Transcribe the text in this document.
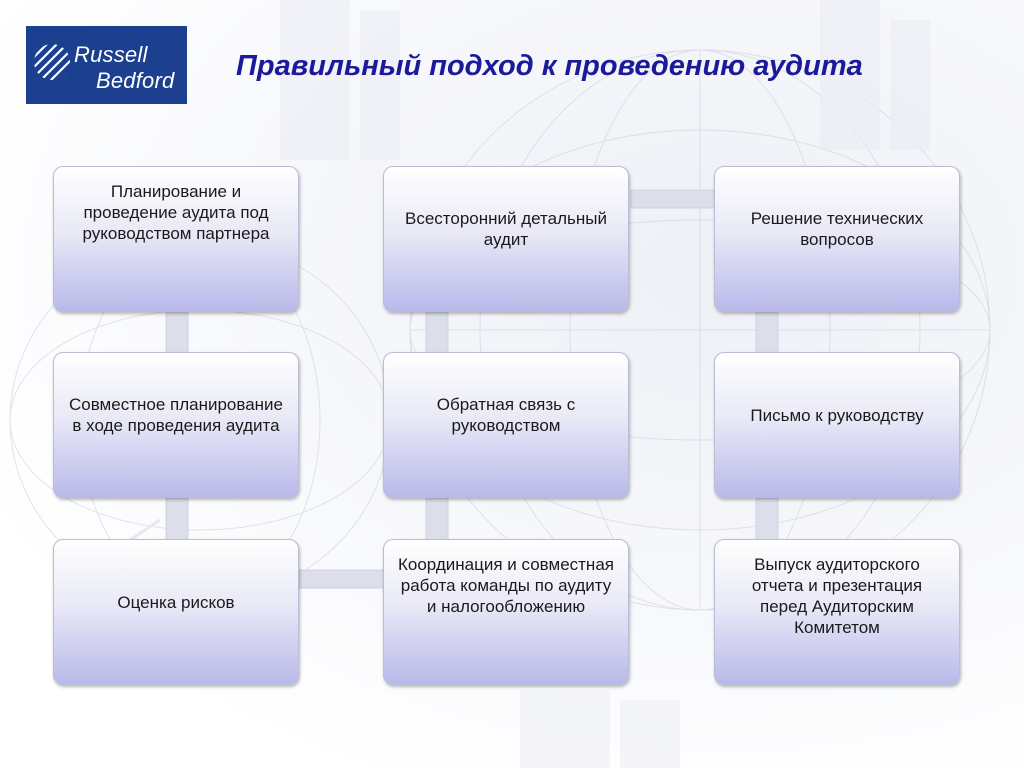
Russell
Bedford Правильный подход к проведению аудита
Планирование и проведение аудита под руководством партнера
Совместное планирование в ходе проведения аудита
Оценка рисков
Всесторонний детальный аудит
Обратная связь с руководством
Координация и совместная работа команды по аудиту и налогообложению
Решение технических вопросов
Письмо к руководству
Выпуск аудиторского отчета и презентация перед Аудиторским Комитетом
